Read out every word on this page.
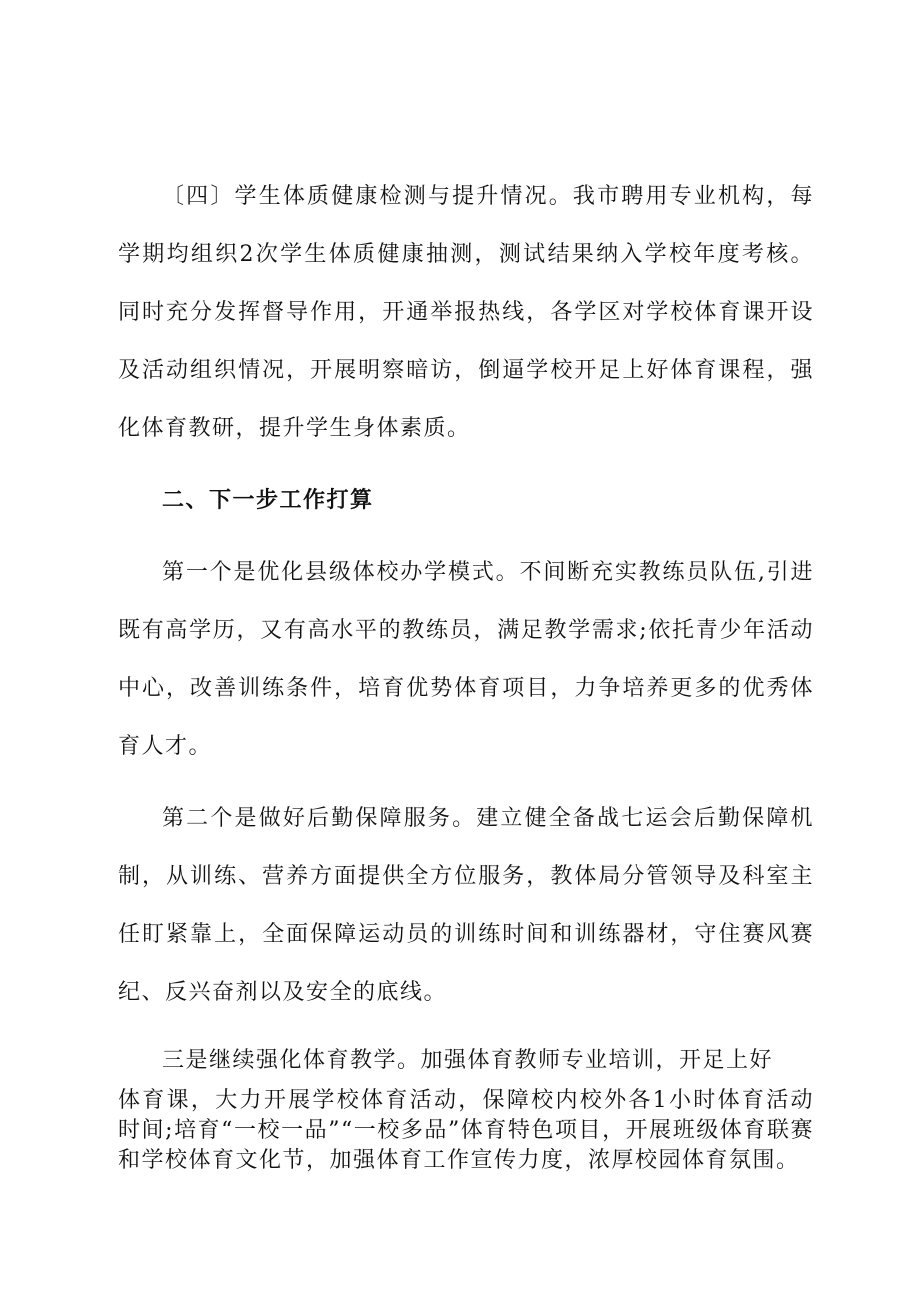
〔四〕学生体质健康检测与提升情况。我市聘用专业机构，每学期均组织2次学生体质健康抽测，测试结果纳入学校年度考核。同时充分发挥督导作用，开通举报热线，各学区对学校体育课开设及活动组织情况，开展明察暗访，倒逼学校开足上好体育课程，强化体育教研，提升学生身体素质。

二、下一步工作打算

第一个是优化县级体校办学模式。不间断充实教练员队伍,引进既有高学历，又有高水平的教练员，满足教学需求;依托青少年活动中心，改善训练条件，培育优势体育项目，力争培养更多的优秀体育人才。

第二个是做好后勤保障服务。建立健全备战七运会后勤保障机制，从训练、营养方面提供全方位服务，教体局分管领导及科室主任盯紧靠上，全面保障运动员的训练时间和训练器材，守住赛风赛纪、反兴奋剂以及安全的底线。

三是继续强化体育教学。加强体育教师专业培训，开足上好

体育课，大力开展学校体育活动，保障校内校外各1小时体育活动时间;培育“一校一品”“一校多品”体育特色项目，开展班级体育联赛和学校体育文化节，加强体育工作宣传力度，浓厚校园体育氛围。
